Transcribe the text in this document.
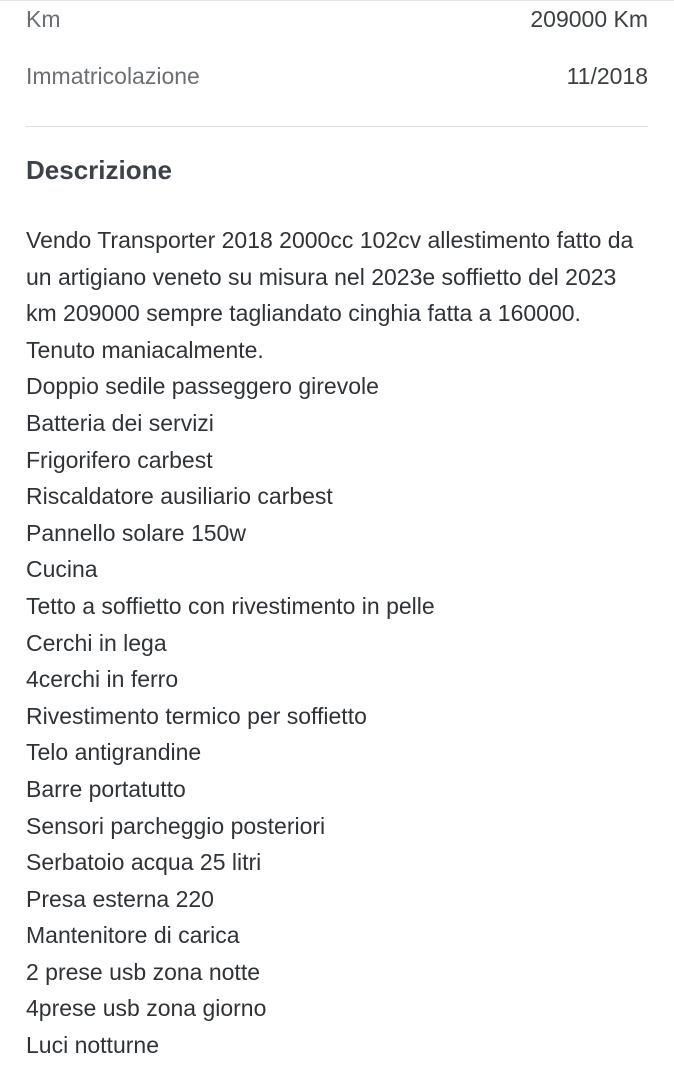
Km	209000 Km
Immatricolazione	11/2018
Descrizione
Vendo Transporter 2018 2000cc 102cv allestimento fatto da
un artigiano veneto su misura nel 2023e soffietto del 2023
km 209000 sempre tagliandato cinghia fatta a 160000.
Tenuto maniacalmente.
Doppio sedile passeggero girevole
Batteria dei servizi
Frigorifero carbest
Riscaldatore ausiliario carbest
Pannello solare 150w
Cucina
Tetto a soffietto con rivestimento in pelle
Cerchi in lega
4cerchi in ferro
Rivestimento termico per soffietto
Telo antigrandine
Barre portatutto
Sensori parcheggio posteriori
Serbatoio acqua 25 litri
Presa esterna 220
Mantenitore di carica
2 prese usb zona notte
4prese usb zona giorno
Luci notturne
